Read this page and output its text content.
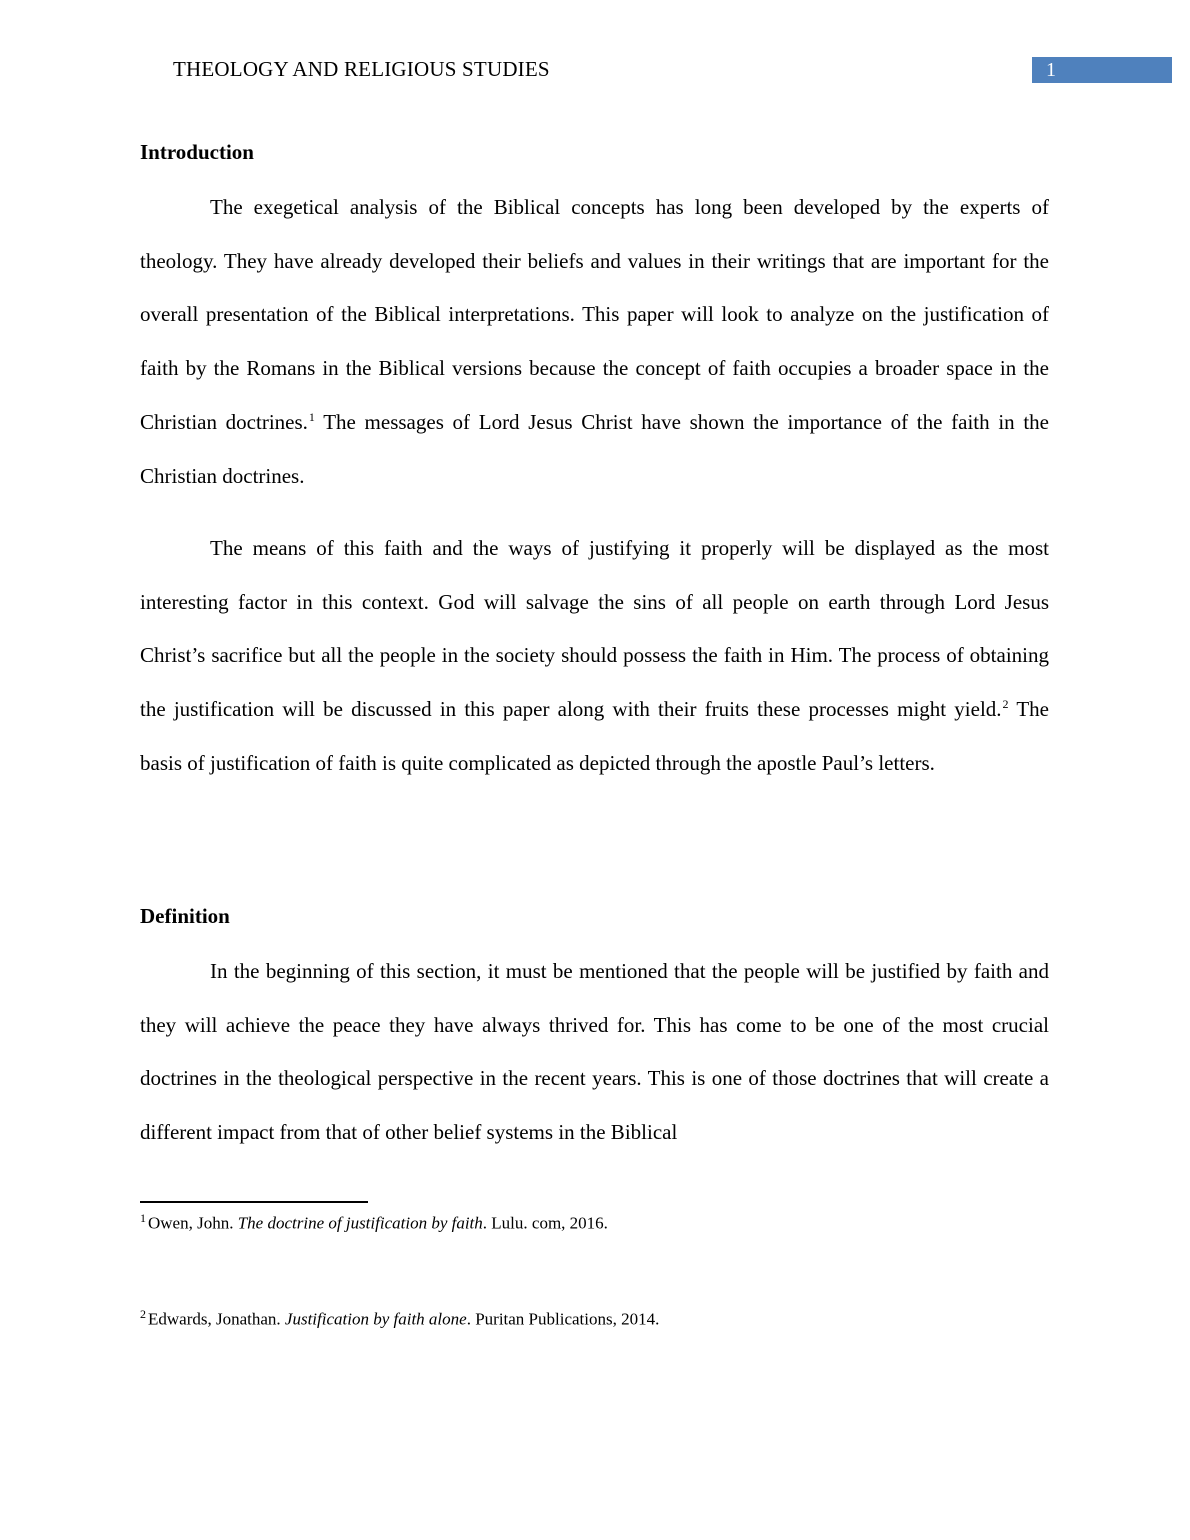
THEOLOGY AND RELIGIOUS STUDIES	1
Introduction

The exegetical analysis of the Biblical concepts has long been developed by the experts of theology. They have already developed their beliefs and values in their writings that are important for the overall presentation of the Biblical interpretations. This paper will look to analyze on the justification of faith by the Romans in the Biblical versions because the concept of faith occupies a broader space in the Christian doctrines.$^1$ The messages of Lord Jesus Christ have shown the importance of the faith in the Christian doctrines.

The means of this faith and the ways of justifying it properly will be displayed as the most interesting factor in this context. God will salvage the sins of all people on earth through Lord Jesus Christ’s sacrifice but all the people in the society should possess the faith in Him. The process of obtaining the justification will be discussed in this paper along with their fruits these processes might yield.$^2$ The basis of justification of faith is quite complicated as depicted through the apostle Paul’s letters.

Definition

In the beginning of this section, it must be mentioned that the people will be justified by faith and they will achieve the peace they have always thrived for. This has come to be one of the most crucial doctrines in the theological perspective in the recent years. This is one of those doctrines that will create a different impact from that of other belief systems in the Biblical

$^1$ Owen, John. The doctrine of justification by faith. Lulu. com, 2016.

$^2$ Edwards, Jonathan. Justification by faith alone. Puritan Publications, 2014.
